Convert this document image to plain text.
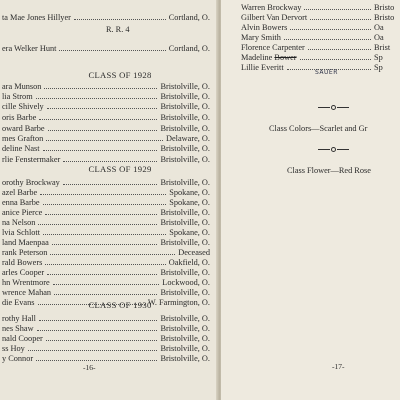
ta Mae Jones Hillyer	Cortland, O.
era Welker Hunt	Cortland, O.
CLASS OF 1928
ara Munson	Bristolville, O.
lia Strom	Bristolville, O.
cille Shively	Bristolville, O.
oris Barbe	Bristolville, O.
oward Barbe	Bristolville, O.
mes Grafton	Delaware, O.
deline Nast	Bristolville, O.
rlie Fenstermaker	Bristolville, O.
CLASS OF 1929
orothy Brockway	Bristolville, O.
azel Barbe	Spokane, O.
enna Barbe	Spokane, O.
anice Pierce	Bristolville, O.
na Nelson	Bristolville, O.
lvia Schlott	Spokane, O.
land Maenpaa	Bristolville, O.
rank Peterson	Deceased
rald Bowers	Oakfield, O.
arles Cooper	Bristolville, O.
hn Wrentmore	Lockwood, O.
wrence Mahan	Bristolville, O.
die Evans	W. Farmington, O.
CLASS OF 1930
rothy Hall	Bristolville, O.
nes Shaw	Bristolville, O.
nald Cooper	Bristolville, O.
ss Hoy	Bristolville, O.
y Connor	Bristolville, O.
R. R. 4
-16-
Warren Brockway	Bristo
Gilbert Van Dervort	Bristo
Alvin Bowers	Oa
Mary Smith	Oa
Florence Carpenter	Brist
Madeline Bower	Sp
Lillie Everitt	Sp
SAUER
Class Colors—Scarlet and Gr
Class Flower—Red Rose
-17-
